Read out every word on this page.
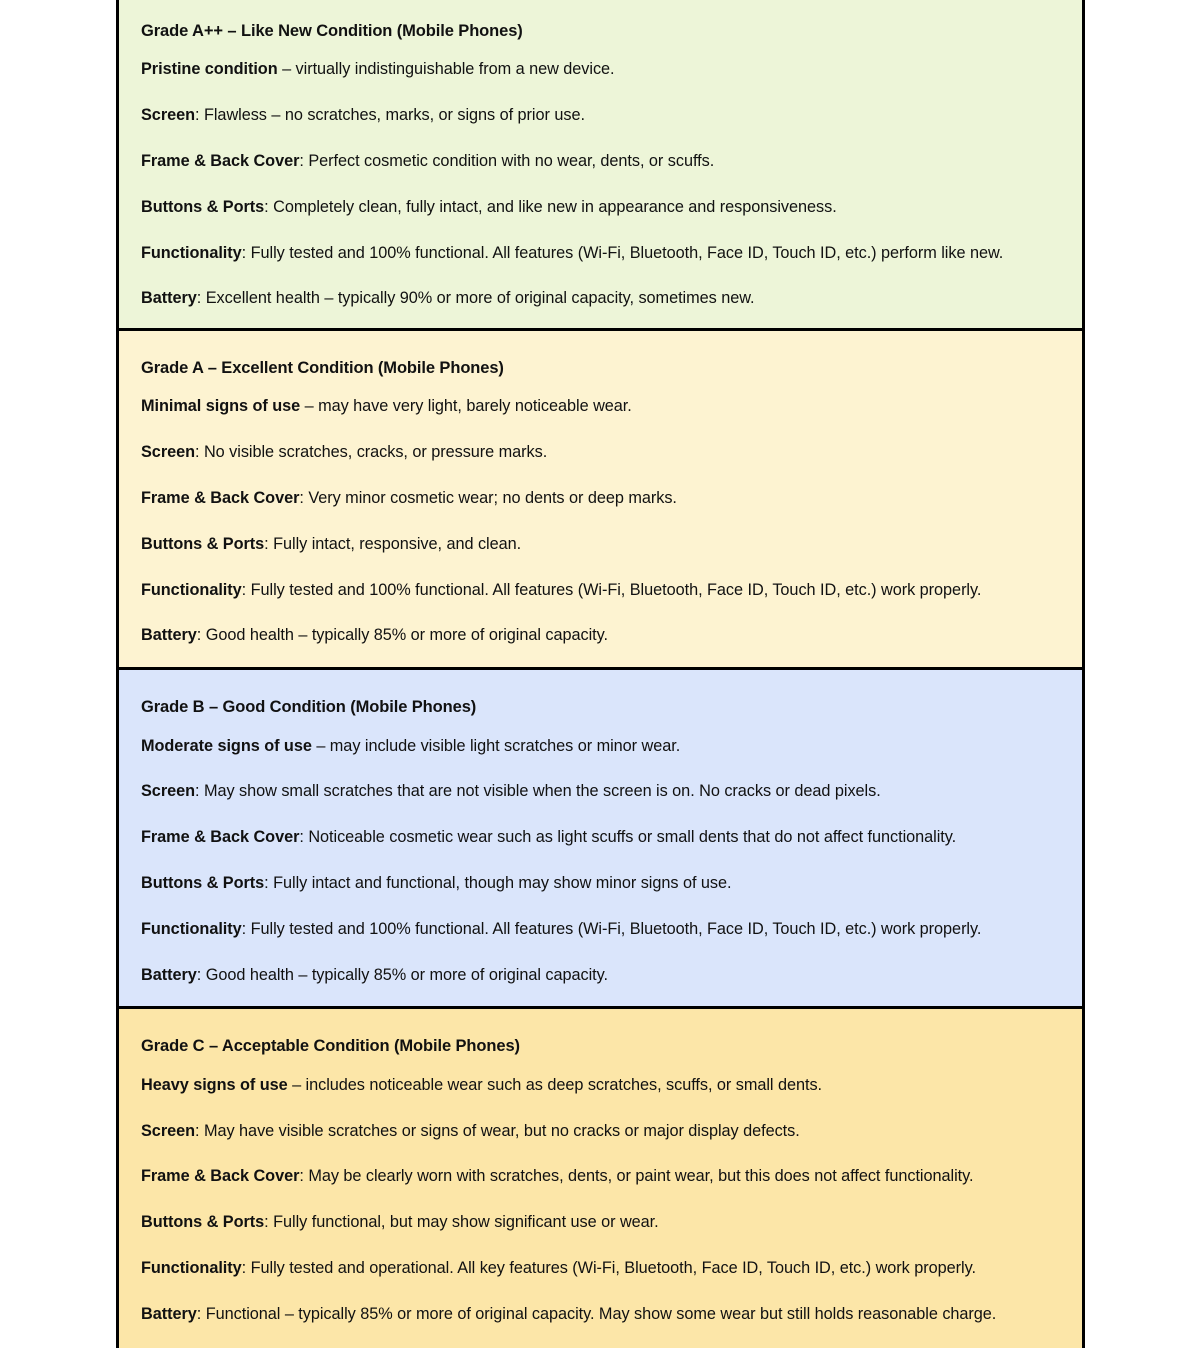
Grade A++ – Like New Condition (Mobile Phones)
Pristine condition – virtually indistinguishable from a new device.
Screen: Flawless – no scratches, marks, or signs of prior use.
Frame & Back Cover: Perfect cosmetic condition with no wear, dents, or scuffs.
Buttons & Ports: Completely clean, fully intact, and like new in appearance and responsiveness.
Functionality: Fully tested and 100% functional. All features (Wi-Fi, Bluetooth, Face ID, Touch ID, etc.) perform like new.
Battery: Excellent health – typically 90% or more of original capacity, sometimes new.
Grade A – Excellent Condition (Mobile Phones)
Minimal signs of use – may have very light, barely noticeable wear.
Screen: No visible scratches, cracks, or pressure marks.
Frame & Back Cover: Very minor cosmetic wear; no dents or deep marks.
Buttons & Ports: Fully intact, responsive, and clean.
Functionality: Fully tested and 100% functional. All features (Wi-Fi, Bluetooth, Face ID, Touch ID, etc.) work properly.
Battery: Good health – typically 85% or more of original capacity.
Grade B – Good Condition (Mobile Phones)
Moderate signs of use – may include visible light scratches or minor wear.
Screen: May show small scratches that are not visible when the screen is on. No cracks or dead pixels.
Frame & Back Cover: Noticeable cosmetic wear such as light scuffs or small dents that do not affect functionality.
Buttons & Ports: Fully intact and functional, though may show minor signs of use.
Functionality: Fully tested and 100% functional. All features (Wi-Fi, Bluetooth, Face ID, Touch ID, etc.) work properly.
Battery: Good health – typically 85% or more of original capacity.
Grade C – Acceptable Condition (Mobile Phones)
Heavy signs of use – includes noticeable wear such as deep scratches, scuffs, or small dents.
Screen: May have visible scratches or signs of wear, but no cracks or major display defects.
Frame & Back Cover: May be clearly worn with scratches, dents, or paint wear, but this does not affect functionality.
Buttons & Ports: Fully functional, but may show significant use or wear.
Functionality: Fully tested and operational. All key features (Wi-Fi, Bluetooth, Face ID, Touch ID, etc.) work properly.
Battery: Functional – typically 85% or more of original capacity. May show some wear but still holds reasonable charge.
